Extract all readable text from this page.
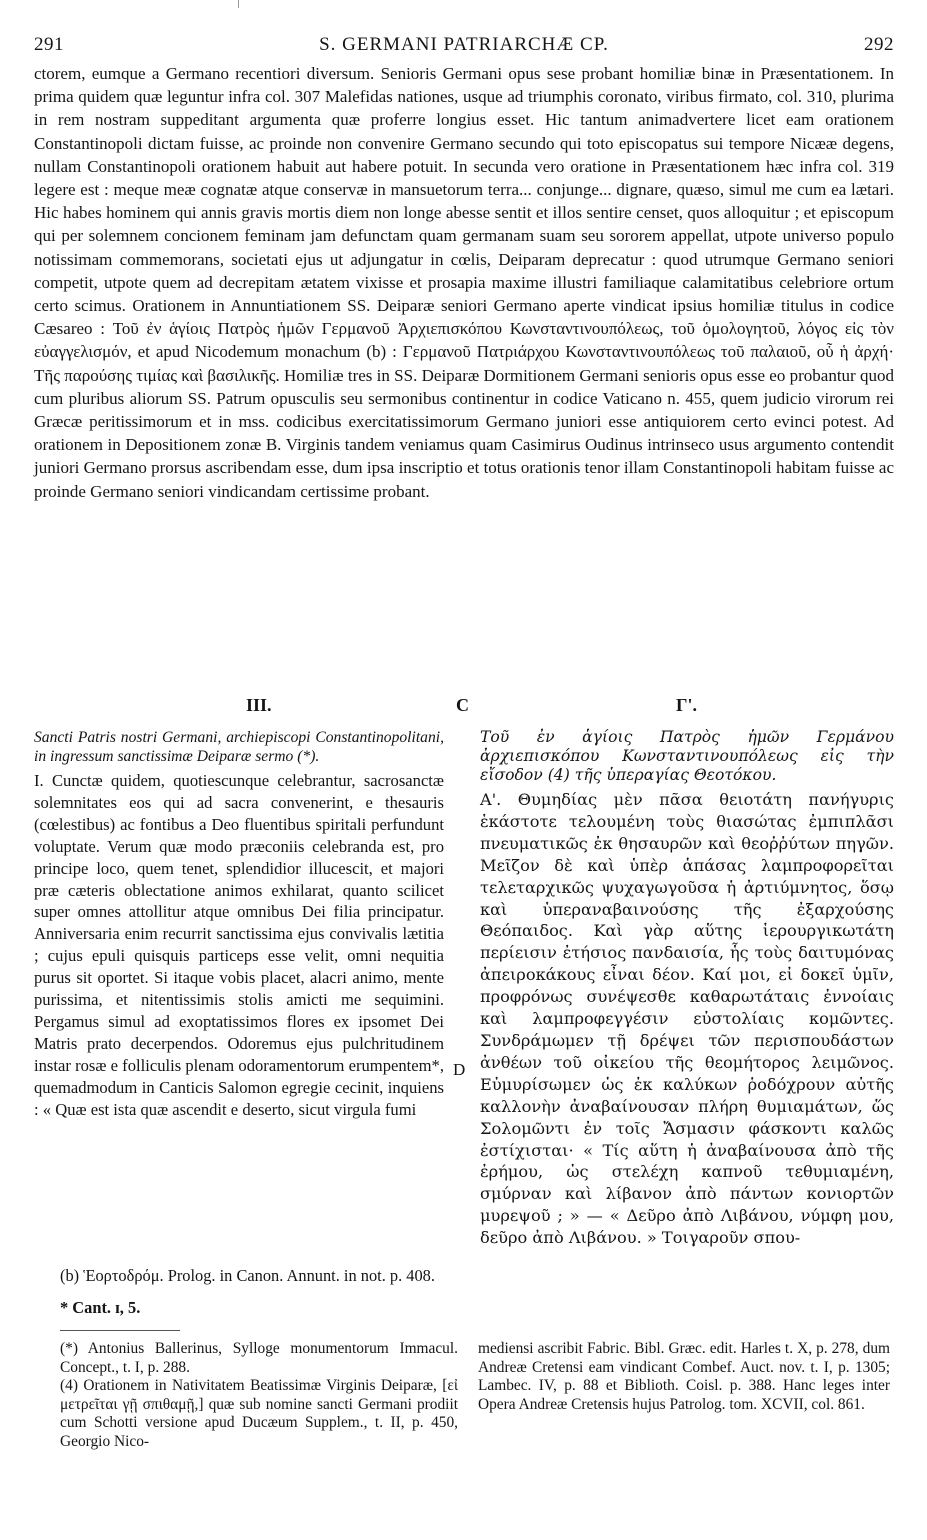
291	S. GERMANI PATRIARCHÆ CP.	292

ctorem, eumque a Germano recentiori diversum. Senioris Germani opus sese probant homiliæ binæ in Præsentationem. In prima quidem quæ leguntur infra col. 307 Malefidas nationes, usque ad triumphis coronato, viribus firmato, col. 310, plurima in rem nostram suppeditant argumenta quæ proferre longius esset. Hic tantum animadvertere licet eam orationem Constantinopoli dictam fuisse, ac proinde non convenire Germano secundo qui toto episcopatus sui tempore Nicææ degens, nullam Constantinopoli orationem habuit aut habere potuit. In secunda vero oratione in Præsentationem hæc infra col. 319 legere est : meque meæ cognatæ atque conservæ in mansuetorum terra... conjunge... dignare, quæso, simul me cum ea lætari. Hic habes hominem qui annis gravis mortis diem non longe abesse sentit et illos sentire censet, quos alloquitur ; et episcopum qui per solemnem concionem feminam jam defunctam quam germanam suam seu sororem appellat, utpote universo populo notissimam commemorans, societati ejus ut adjungatur in cœlis, Deiparam deprecatur : quod utrumque Germano seniori competit, utpote quem ad decrepitam ætatem vixisse et prosapia maxime illustri familiaque calamitatibus celebriore ortum certo scimus. Orationem in Annuntiationem SS. Deiparæ seniori Germano aperte vindicat ipsius homiliæ titulus in codice Cæsareo : Τοῦ ἐν ἁγίοις Πατρὸς ἡμῶν Γερμανοῦ Ἀρχιεπισκόπου Κωνσταντινουπόλεως, τοῦ ὁμολογητοῦ, λόγος εἰς τὸν εὐαγγελισμόν, et apud Nicodemum monachum (b) : Γερμανοῦ Πατριάρχου Κωνσταντινουπόλεως τοῦ παλαιοῦ, οὗ ἡ ἀρχή· Τῆς παρούσης τιμίας καὶ βασιλικῆς. Homiliæ tres in SS. Deiparæ Dormitionem Germani senioris opus esse eo probantur quod cum pluribus aliorum SS. Patrum opusculis seu sermonibus continentur in codice Vaticano n. 455, quem judicio virorum rei Græcæ peritissimorum et in mss. codicibus exercitatissimorum Germano juniori esse antiquiorem certo evinci potest. Ad orationem in Depositionem zonæ B. Virginis tandem veniamus quam Casimirus Oudinus intrinseco usus argumento contendit juniori Germano prorsus ascribendam esse, dum ipsa inscriptio et totus orationis tenor illam Constantinopoli habitam fuisse ac proinde Germano seniori vindicandam certissime probant.

III.	C	Γ'.

Sancti Patris nostri Germani, archiepiscopi Constantinopolitani, in ingressum sanctissimæ Deiparæ sermo (*).

I. Cunctæ quidem, quotiescunque celebrantur, sacrosanctæ solemnitates eos qui ad sacra convenerint, e thesauris (cœlestibus) ac fontibus a Deo fluentibus spiritali perfundunt voluptate. Verum quæ modo præconiis celebranda est, pro principe loco, quem tenet, splendidior illucescit, et majori præ cæteris oblectatione animos exhilarat, quanto scilicet super omnes attollitur atque omnibus Dei filia principatur. Anniversaria enim recurrit sanctissima ejus convivalis lætitia ; cujus epuli quisquis particeps esse velit, omni nequitia purus sit oportet. Si itaque vobis placet, alacri animo, mente purissima, et nitentissimis stolis amicti me sequimini. Pergamus simul ad exoptatissimos flores ex ipsomet Dei Matris prato decerpendos. Odoremus ejus pulchritudinem instar rosæ e folliculis plenam odoramentorum erumpentem*, quemadmodum in Canticis Salomon egregie cecinit, inquiens : « Quæ est ista quæ ascendit e deserto, sicut virgula fumi

D

Τοῦ ἐν ἁγίοις Πατρὸς ἡμῶν Γερμάνου ἀρχιεπισκόπου Κωνσταντινουπόλεως εἰς τὴν εἴσοδον (4) τῆς ὑπεραγίας Θεοτόκου.

Α'. Θυμηδίας μὲν πᾶσα θειοτάτη πανήγυρις ἑκάστοτε τελουμένη τοὺς θιασώτας ἐμπιπλᾶσι πνευματικῶς ἐκ θησαυρῶν καὶ θεοῤῥύτων πηγῶν. Μεῖζον δὲ καὶ ὑπὲρ ἁπάσας λαμπροφορεῖται τελεταρχικῶς ψυχαγωγοῦσα ἡ ἀρτιύμνητος, ὅσῳ καὶ ὑπεραναβαινούσης τῆς ἐξαρχούσης Θεόπαιδος. Καὶ γὰρ αὕτης ἱερουργικωτάτη περίεισιν ἐτήσιος πανδαισία, ἧς τοὺς δαιτυμόνας ἀπειροκάκους εἶναι δέον. Καί μοι, εἰ δοκεῖ ὑμῖν, προφρόνως συνέψεσθε καθαρωτάταις ἐννοίαις καὶ λαμπροφεγγέσιν εὐστολίαις κομῶντες. Συνδράμωμεν τῇ δρέψει τῶν περισπουδάστων ἀνθέων τοῦ οἰκείου τῆς θεομήτορος λειμῶνος. Εὐμυρίσωμεν ὡς ἐκ καλύκων ῥοδόχρουν αὐτῆς καλλονὴν ἀναβαίνουσαν πλήρη θυμιαμάτων, ὥς Σολομῶντι ἐν τοῖς Ἄσμασιν φάσκοντι καλῶς ἐστίχισται· « Τίς αὕτη ἡ ἀναβαίνουσα ἀπὸ τῆς ἐρήμου, ὡς στελέχη καπνοῦ τεθυμιαμένη, σμύρναν καὶ λίβανον ἀπὸ πάντων κονιορτῶν μυρεψοῦ ; » — « Δεῦρο ἀπὸ Λιβάνου, νύμφη μου, δεῦρο ἀπὸ Λιβάνου. » Τοιγαροῦν σπου-

(b) Ἑορτοδρόμ. Prolog. in Canon. Annunt. in not. p. 408.
* Cant. ɪ, 5.

(*) Antonius Ballerinus, Sylloge monumentorum Immacul. Concept., t. I, p. 288.

(4) Orationem in Nativitatem Beatissimæ Virginis Deiparæ, [εἰ μετρεῖται γῇ σπιθαμῇ,] quæ sub nomine sancti Germani prodiit cum Schotti versione apud Ducæum Supplem., t. II, p. 450, Georgio Nico-

mediensi ascribit Fabric. Bibl. Græc. edit. Harles t. X, p. 278, dum Andreæ Cretensi eam vindicant Combef. Auct. nov. t. I, p. 1305; Lambec. IV, p. 88 et Biblioth. Coisl. p. 388. Hanc leges inter Opera Andreæ Cretensis hujus Patrolog. tom. XCVII, col. 861.
